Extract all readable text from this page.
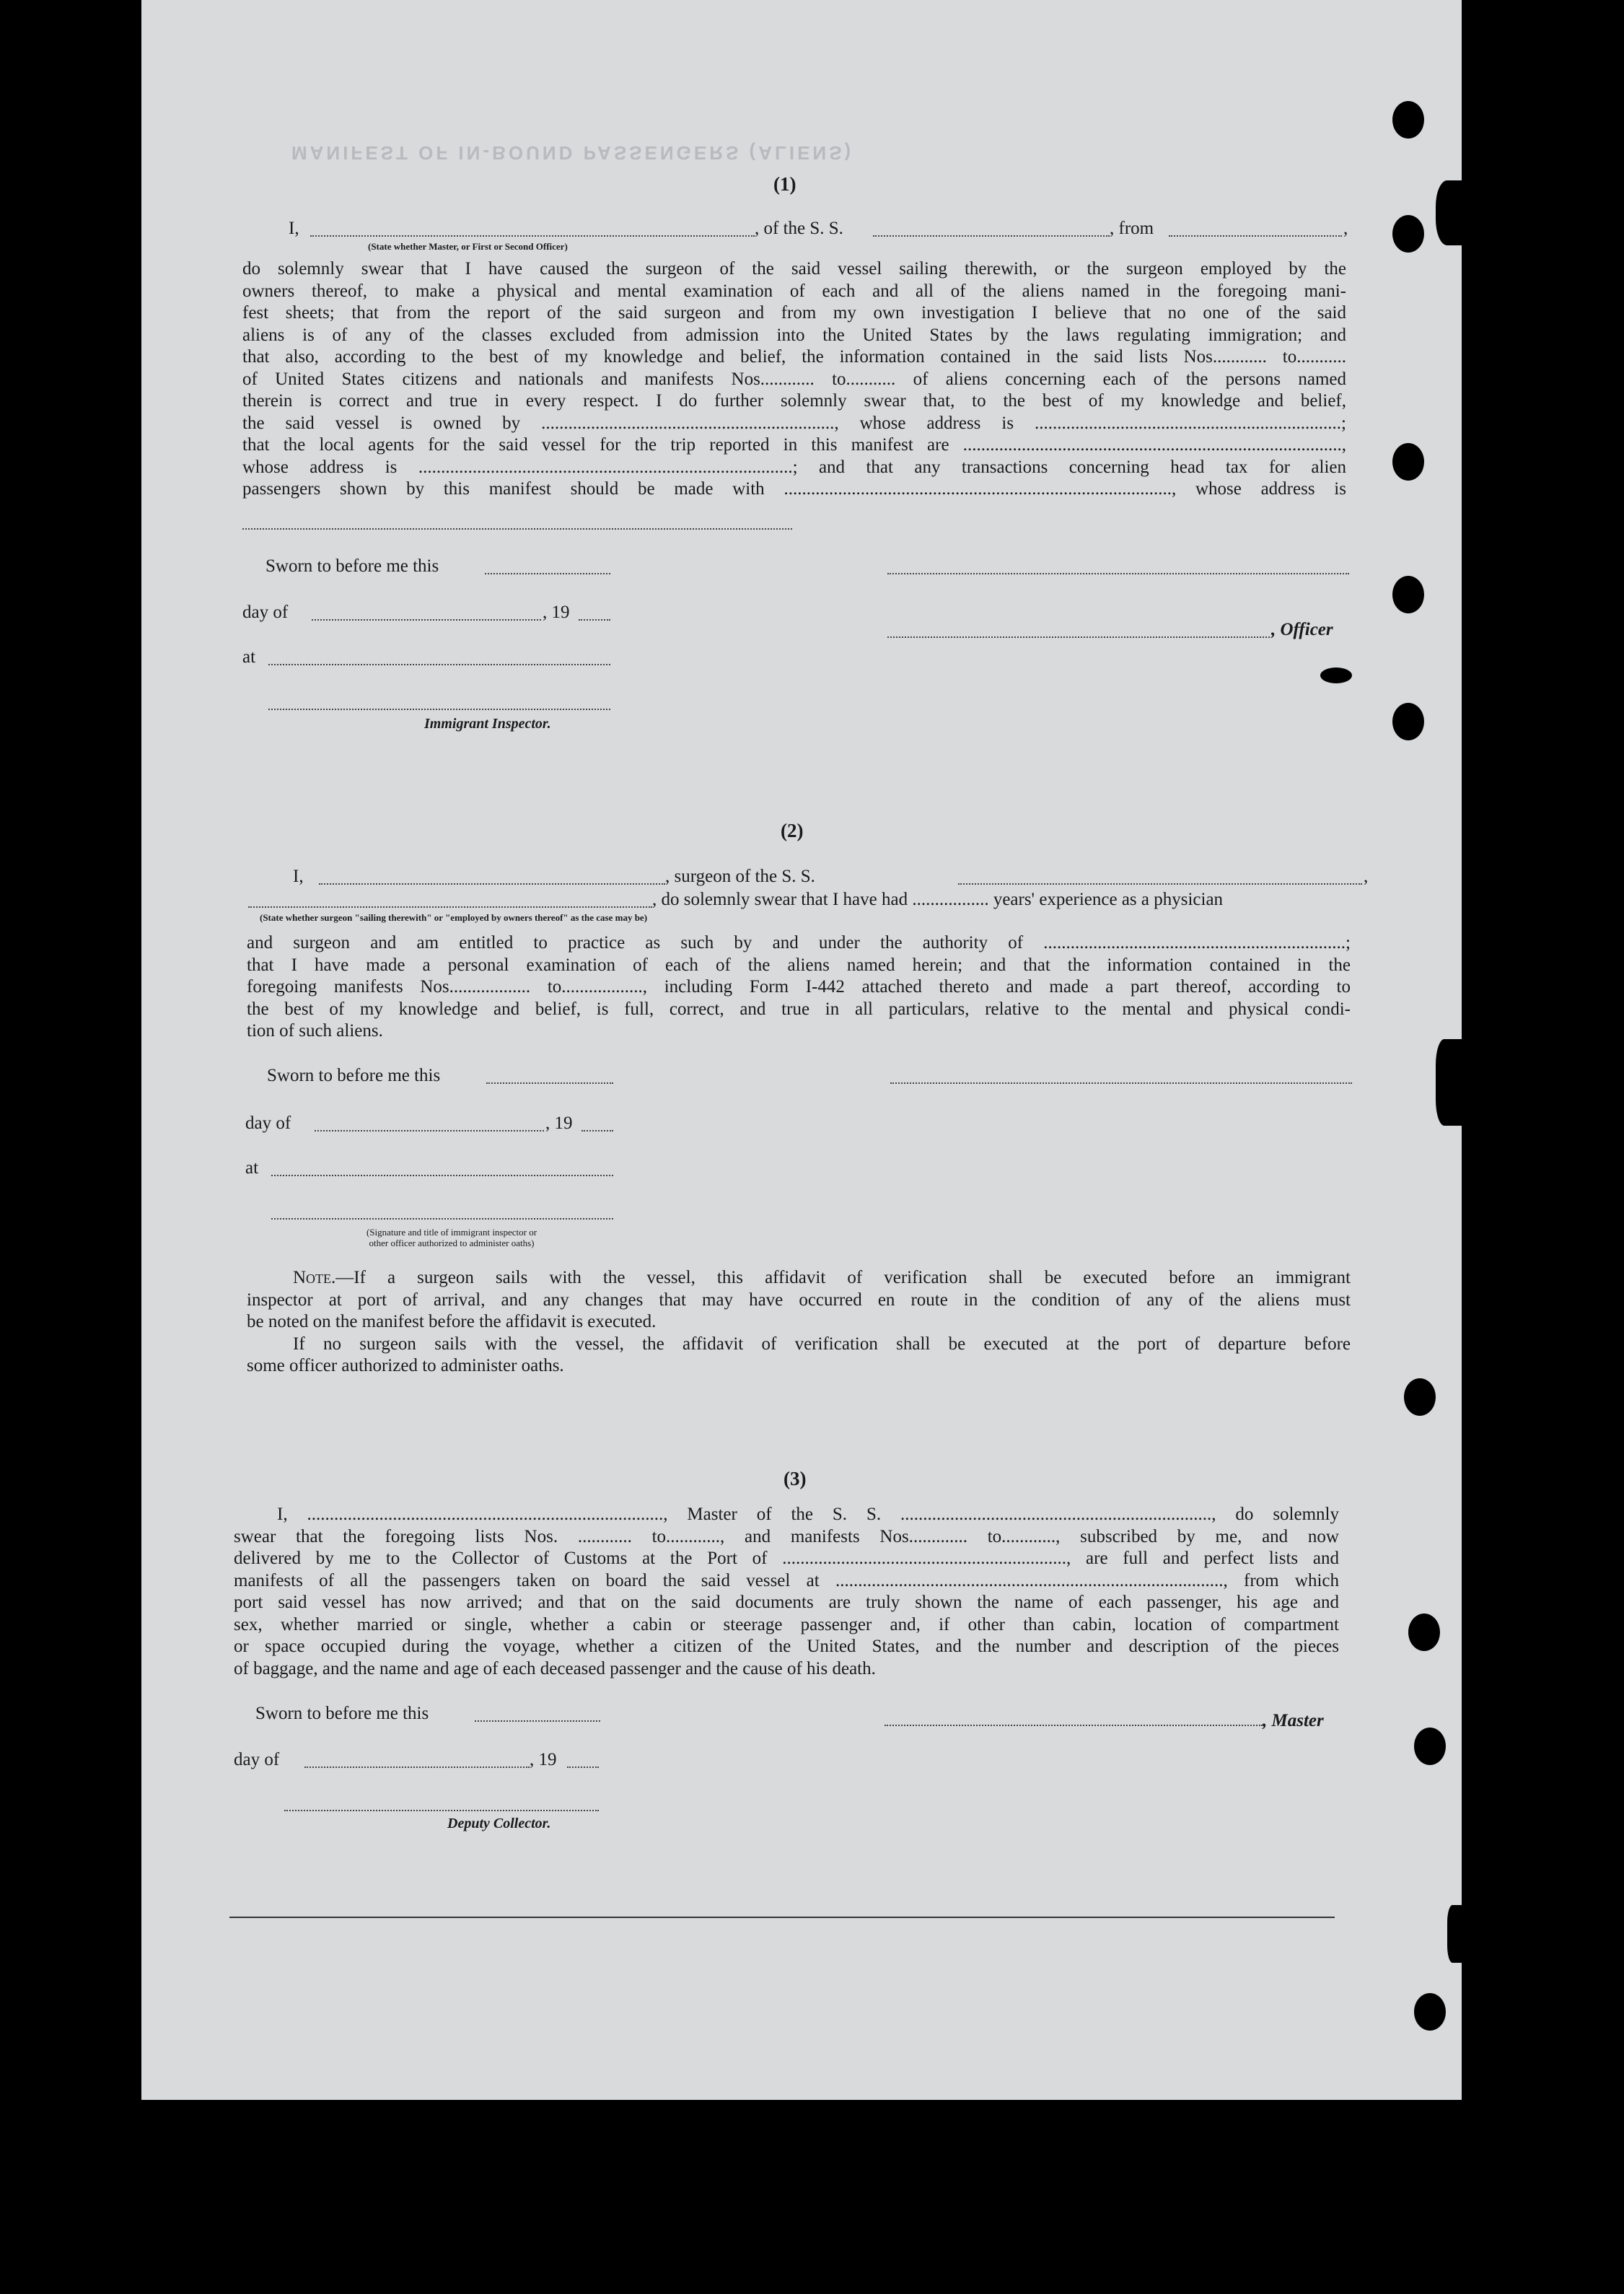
MANIFEST OF IN-BOUND PASSENGERS (ALIENS)
(1)
I,	, of the S. S.	, from	,
(State whether Master, or First or Second Officer)
do solemnly swear that I have caused the surgeon of the said vessel sailing therewith, or the surgeon employed by the
owners thereof, to make a physical and mental examination of each and all of the aliens named in the foregoing mani-
fest sheets; that from the report of the said surgeon and from my own investigation I believe that no one of the said
aliens is of any of the classes excluded from admission into the United States by the laws regulating immigration; and
that also, according to the best of my knowledge and belief, the information contained in the said lists Nos............ to...........
of United States citizens and nationals and manifests Nos............ to........... of aliens concerning each of the persons named
therein is correct and true in every respect. I do further solemnly swear that, to the best of my knowledge and belief,
the said vessel is owned by ................................................................., whose address is ....................................................................;
that the local agents for the said vessel for the trip reported in this manifest are ....................................................................................,
whose address is ...................................................................................; and that any transactions concerning head tax for alien
passengers shown by this manifest should be made with ......................................................................................, whose address is
Sworn to before me this
day of	, 19
, Officer
at
Immigrant Inspector.
(2)
I,	, surgeon of the S. S.	,
, do solemnly swear that I have had ................. years' experience as a physician
(State whether surgeon "sailing therewith" or "employed by owners thereof" as the case may be)
and surgeon and am entitled to practice as such by and under the authority of ...................................................................;
that I have made a personal examination of each of the aliens named herein; and that the information contained in the
foregoing manifests Nos.................. to.................., including Form I-442 attached thereto and made a part thereof, according to
the best of my knowledge and belief, is full, correct, and true in all particulars, relative to the mental and physical condi-
tion of such aliens.
Sworn to before me this
day of	, 19
at
(Signature and title of immigrant inspector or
other officer authorized to administer oaths)
Note.—If a surgeon sails with the vessel, this affidavit of verification shall be executed before an immigrant
inspector at port of arrival, and any changes that may have occurred en route in the condition of any of the aliens must
be noted on the manifest before the affidavit is executed.
If no surgeon sails with the vessel, the affidavit of verification shall be executed at the port of departure before
some officer authorized to administer oaths.
(3)
I, ..............................................................................., Master of the S. S. ....................................................................., do solemnly
swear that the foregoing lists Nos. ............ to............, and manifests Nos............. to............, subscribed by me, and now
delivered by me to the Collector of Customs at the Port of ..............................................................., are full and perfect lists and
manifests of all the passengers taken on board the said vessel at ......................................................................................, from which
port said vessel has now arrived; and that on the said documents are truly shown the name of each passenger, his age and
sex, whether married or single, whether a cabin or steerage passenger and, if other than cabin, location of compartment
or space occupied during the voyage, whether a citizen of the United States, and the number and description of the pieces
of baggage, and the name and age of each deceased passenger and the cause of his death.
Sworn to before me this	, Master
day of	, 19
Deputy Collector.
